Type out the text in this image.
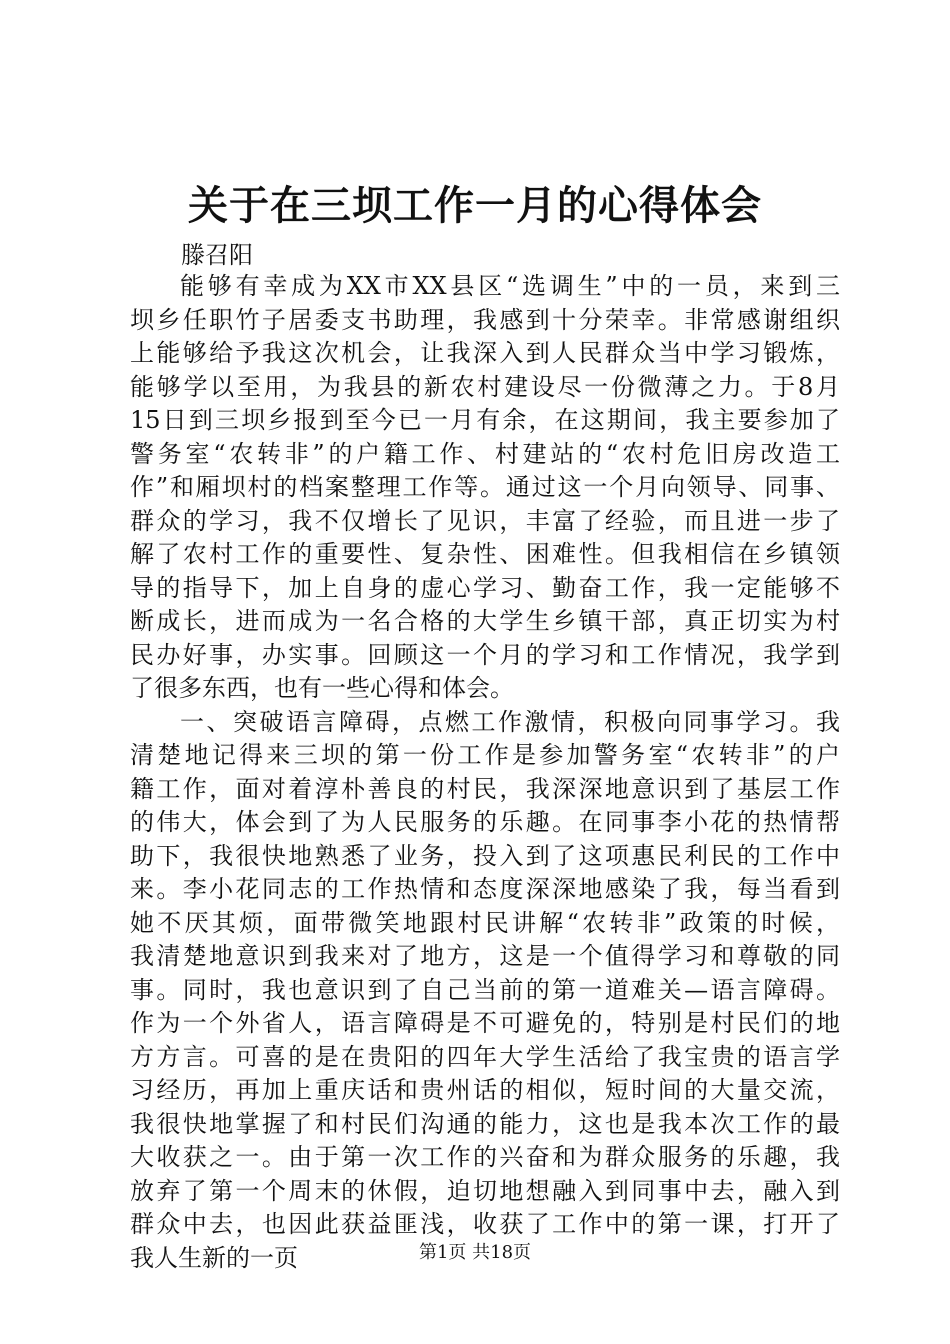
关于在三坝工作一月的心得体会
滕召阳
能够有幸成为XX市XX县区“选调生”中的一员，来到三
坝乡任职竹子居委支书助理，我感到十分荣幸。非常感谢组织
上能够给予我这次机会，让我深入到人民群众当中学习锻炼，
能够学以至用，为我县的新农村建设尽一份微薄之力。于8月
15日到三坝乡报到至今已一月有余，在这期间，我主要参加了
警务室“农转非”的户籍工作、村建站的“农村危旧房改造工
作”和厢坝村的档案整理工作等。通过这一个月向领导、同事、
群众的学习，我不仅增长了见识，丰富了经验，而且进一步了
解了农村工作的重要性、复杂性、困难性。但我相信在乡镇领
导的指导下，加上自身的虚心学习、勤奋工作，我一定能够不
断成长，进而成为一名合格的大学生乡镇干部，真正切实为村
民办好事，办实事。回顾这一个月的学习和工作情况，我学到
了很多东西，也有一些心得和体会。
一、突破语言障碍，点燃工作激情，积极向同事学习。我
清楚地记得来三坝的第一份工作是参加警务室“农转非”的户
籍工作，面对着淳朴善良的村民，我深深地意识到了基层工作
的伟大，体会到了为人民服务的乐趣。在同事李小花的热情帮
助下，我很快地熟悉了业务，投入到了这项惠民利民的工作中
来。李小花同志的工作热情和态度深深地感染了我，每当看到
她不厌其烦，面带微笑地跟村民讲解“农转非”政策的时候，
我清楚地意识到我来对了地方，这是一个值得学习和尊敬的同
事。同时，我也意识到了自己当前的第一道难关—语言障碍。
作为一个外省人，语言障碍是不可避免的，特别是村民们的地
方方言。可喜的是在贵阳的四年大学生活给了我宝贵的语言学
习经历，再加上重庆话和贵州话的相似，短时间的大量交流，
我很快地掌握了和村民们沟通的能力，这也是我本次工作的最
大收获之一。由于第一次工作的兴奋和为群众服务的乐趣，我
放弃了第一个周末的休假，迫切地想融入到同事中去，融入到
群众中去，也因此获益匪浅，收获了工作中的第一课，打开了
我人生新的一页	第1页 共18页
